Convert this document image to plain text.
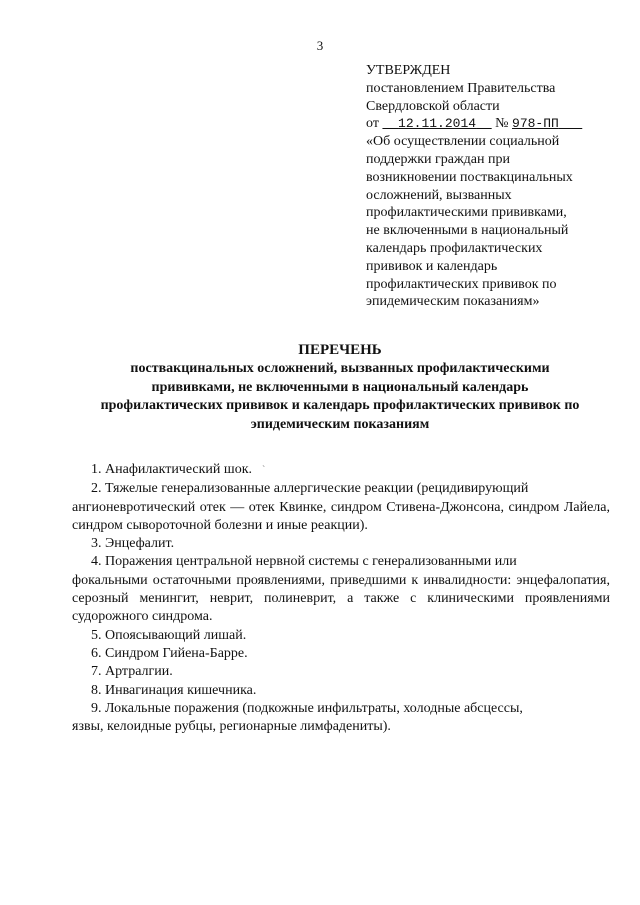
3
УТВЕРЖДЕН
постановлением Правительства
Свердловской области
от 12.11.2014 № 978-ПП
«Об осуществлении социальной
поддержки граждан при
возникновении поствакцинальных
осложнений, вызванных
профилактическими прививками,
не включенными в национальный
календарь профилактических
прививок и календарь
профилактических прививок по
эпидемическим показаниям»
ПЕРЕЧЕНЬ
поствакцинальных осложнений, вызванных профилактическими
прививками, не включенными в национальный календарь
профилактических прививок и календарь профилактических прививок по
эпидемическим показаниям
1. Анафилактический шок. ˋ
2. Тяжелые генерализованные аллергические реакции (рецидивирующий
ангионевротический отек — отек Квинке, синдром Стивена-Джонсона, синдром Лайела, синдром сывороточной болезни и иные реакции).
3. Энцефалит.
4. Поражения центральной нервной системы с генерализованными или
фокальными остаточными проявлениями, приведшими к инвалидности: энцефалопатия, серозный менингит, неврит, полиневрит, а также с клиническими проявлениями судорожного синдрома.
5. Опоясывающий лишай.
6. Синдром Гийена-Барре.
7. Артралгии.
8. Инвагинация кишечника.
9. Локальные поражения (подкожные инфильтраты, холодные абсцессы,
язвы, келоидные рубцы, регионарные лимфадениты).
